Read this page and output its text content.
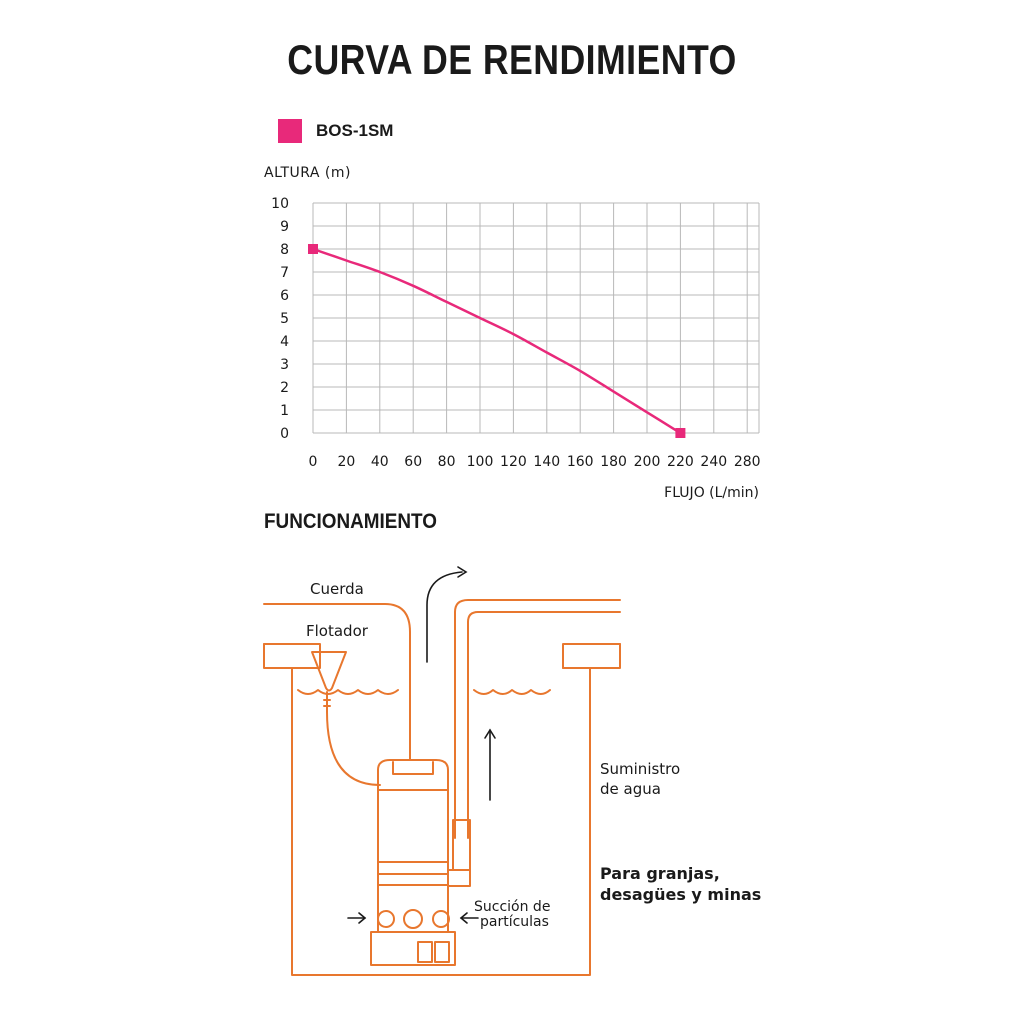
CURVA DE RENDIMIENTO
BOS-1SM
ALTURA (m)
FLUJO (L/min)
0
1
2
3
4
5
6
7
8
9
10
0 20 40 60 80 100 120 140 160 180 200 220 240 280
FUNCIONAMIENTO
Cuerda
Flotador
Suministro
de agua
Para granjas,
desagües y minas
Succión de
partículas
